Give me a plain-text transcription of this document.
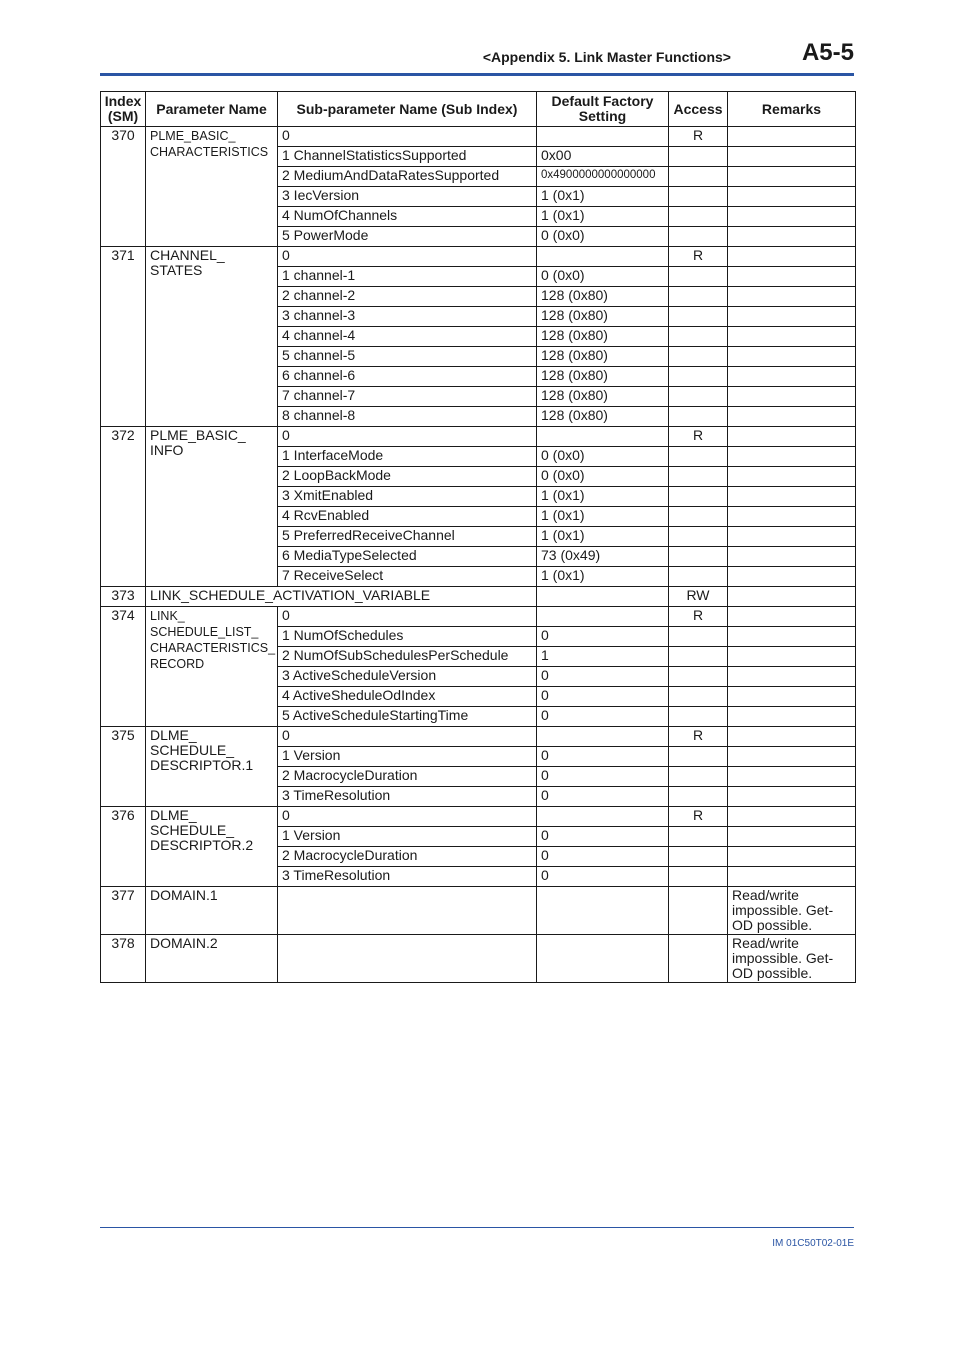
<Appendix 5. Link Master Functions>	A5-5
Index (SM)	Parameter Name	Sub-parameter Name (Sub Index)	Default Factory Setting	Access	Remarks
370	PLME_BASIC_ CHARACTERISTICS	0		R	
		1 ChannelStatisticsSupported	0x00		
		2 MediumAndDataRatesSupported	0x4900000000000000		
		3 IecVersion	1 (0x1)		
		4 NumOfChannels	1 (0x1)		
		5 PowerMode	0 (0x0)		
371	CHANNEL_ STATES	0		R	
		1 channel-1	0 (0x0)		
		2 channel-2	128 (0x80)		
		3 channel-3	128 (0x80)		
		4 channel-4	128 (0x80)		
		5 channel-5	128 (0x80)		
		6 channel-6	128 (0x80)		
		7 channel-7	128 (0x80)		
		8 channel-8	128 (0x80)		
372	PLME_BASIC_ INFO	0		R	
		1 InterfaceMode	0 (0x0)		
		2 LoopBackMode	0 (0x0)		
		3 XmitEnabled	1 (0x1)		
		4 RcvEnabled	1 (0x1)		
		5 PreferredReceiveChannel	1 (0x1)		
		6 MediaTypeSelected	73 (0x49)		
		7 ReceiveSelect	1 (0x1)		
373	LINK_SCHEDULE_ACTIVATION_VARIABLE			RW	
374	LINK_ SCHEDULE_LIST_ CHARACTERISTICS_ RECORD	0		R	
		1 NumOfSchedules	0		
		2 NumOfSubSchedulesPerSchedule	1		
		3 ActiveScheduleVersion	0		
		4 ActiveSheduleOdIndex	0		
		5 ActiveScheduleStartingTime	0		
375	DLME_ SCHEDULE_ DESCRIPTOR.1	0		R	
		1 Version	0		
		2 MacrocycleDuration	0		
		3 TimeResolution	0		
376	DLME_ SCHEDULE_ DESCRIPTOR.2	0		R	
		1 Version	0		
		2 MacrocycleDuration	0		
		3 TimeResolution	0		
377	DOMAIN.1				Read/write impossible. Get-OD possible.
378	DOMAIN.2				Read/write impossible. Get-OD possible.
IM 01C50T02-01E
